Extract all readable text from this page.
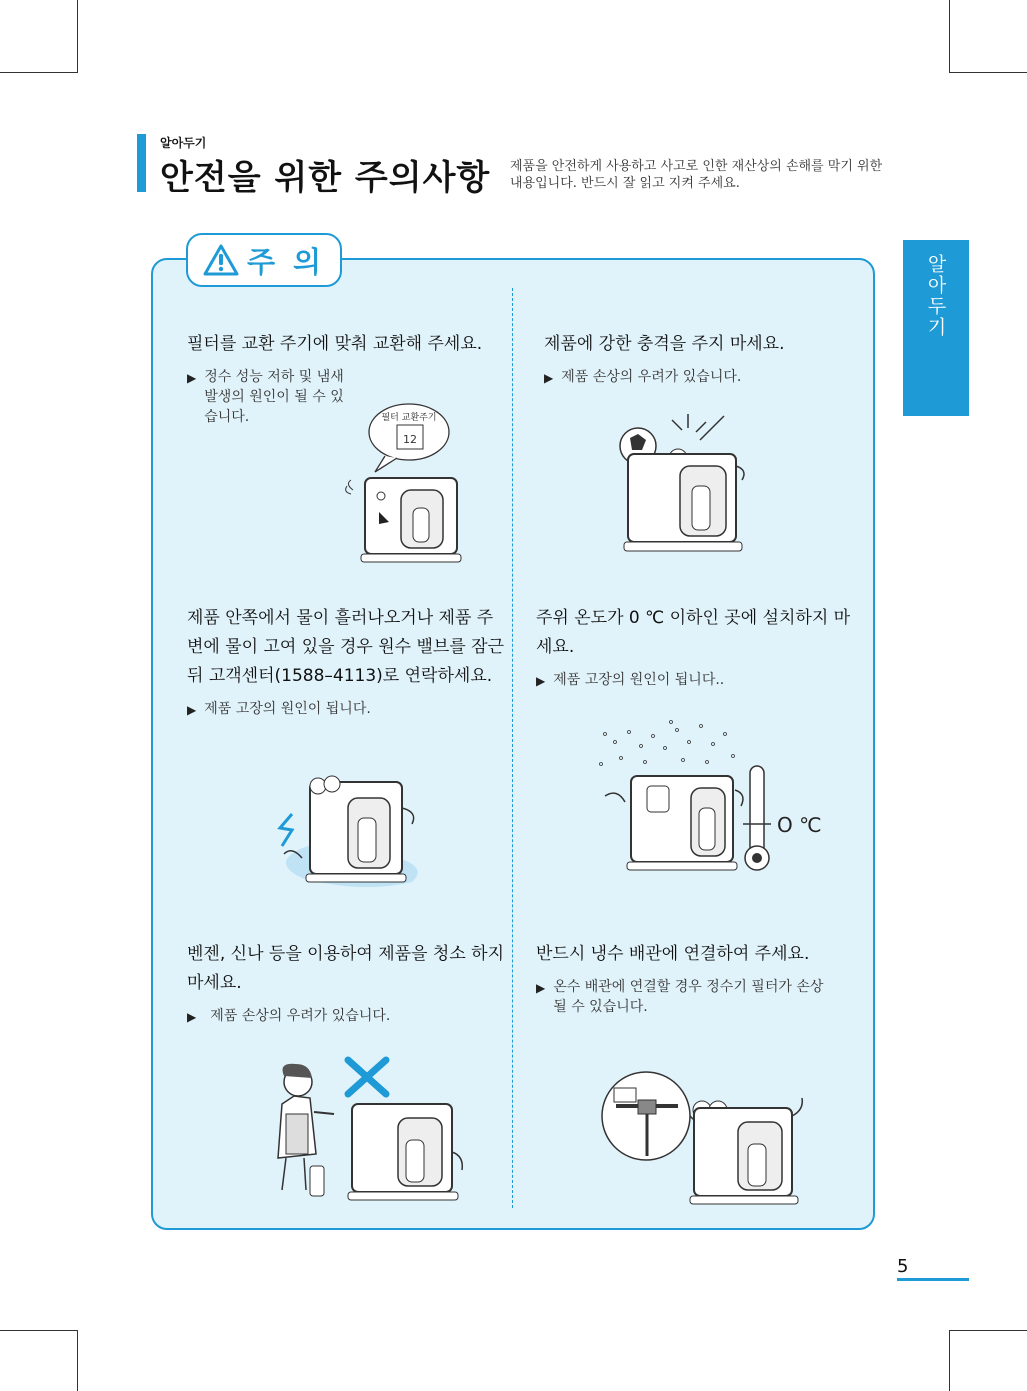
알아두기
안전을 위한 주의사항 제품을 안전하게 사용하고 사고로 인한 재산상의 손해를 막기 위한 내용입니다. 반드시 잘 읽고 지켜 주세요.
알아두기
주 의
필터를 교환 주기에 맞춰 교환해 주세요.
▶ 정수 성능 저하 및 냄새 발생의 원인이 될 수 있습니다.	필터 교환주기
12
제품에 강한 충격을 주지 마세요.
▶ 제품 손상의 우려가 있습니다.
제품 안쪽에서 물이 흘러나오거나 제품 주변에 물이 고여 있을 경우 원수 밸브를 잠근 뒤 고객센터(1588–4113)로 연락하세요.
▶ 제품 고장의 원인이 됩니다.
주위 온도가 0 ℃ 이하인 곳에 설치하지 마세요.
▶ 제품 고장의 원인이 됩니다..
O ℃
벤젠, 신나 등을 이용하여 제품을 청소 하지 마세요.
▶ 제품 손상의 우려가 있습니다.
반드시 냉수 배관에 연결하여 주세요.
▶ 온수 배관에 연결할 경우 정수기 필터가 손상될 수 있습니다.
5
